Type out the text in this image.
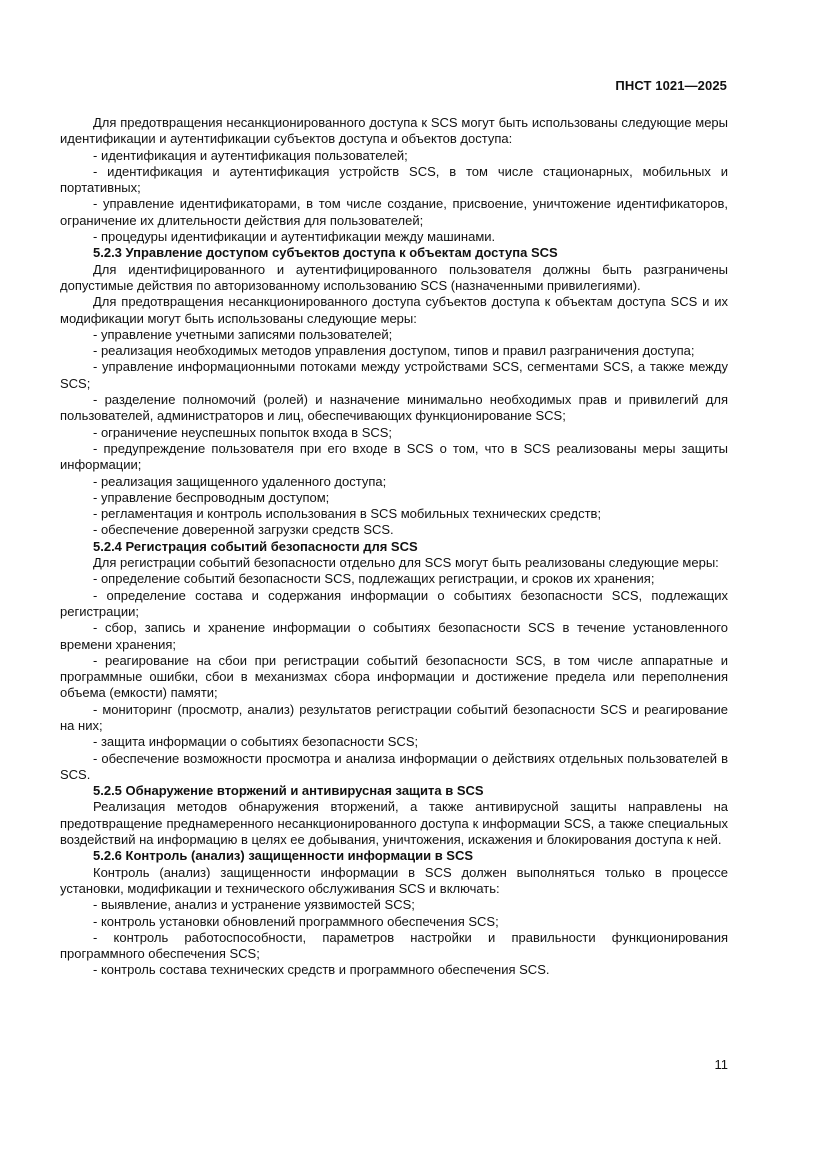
ПНСТ 1021—2025

Для предотвращения несанкционированного доступа к SCS могут быть использованы следующие меры идентификации и аутентификации субъектов доступа и объектов доступа:

- идентификация и аутентификация пользователей;

- идентификация и аутентификация устройств SCS, в том числе стационарных, мобильных и портативных;

- управление идентификаторами, в том числе создание, присвоение, уничтожение идентификаторов, ограничение их длительности действия для пользователей;

- процедуры идентификации и аутентификации между машинами.

5.2.3 Управление доступом субъектов доступа к объектам доступа SCS

Для идентифицированного и аутентифицированного пользователя должны быть разграничены допустимые действия по авторизованному использованию SCS (назначенными привилегиями).

Для предотвращения несанкционированного доступа субъектов доступа к объектам доступа SCS и их модификации могут быть использованы следующие меры:

- управление учетными записями пользователей;

- реализация необходимых методов управления доступом, типов и правил разграничения доступа;

- управление информационными потоками между устройствами SCS, сегментами SCS, а также между SCS;

- разделение полномочий (ролей) и назначение минимально необходимых прав и привилегий для пользователей, администраторов и лиц, обеспечивающих функционирование SCS;

- ограничение неуспешных попыток входа в SCS;

- предупреждение пользователя при его входе в SCS о том, что в SCS реализованы меры защиты информации;

- реализация защищенного удаленного доступа;

- управление беспроводным доступом;

- регламентация и контроль использования в SCS мобильных технических средств;

- обеспечение доверенной загрузки средств SCS.

5.2.4 Регистрация событий безопасности для SCS

Для регистрации событий безопасности отдельно для SCS могут быть реализованы следующие меры:

- определение событий безопасности SCS, подлежащих регистрации, и сроков их хранения;

- определение состава и содержания информации о событиях безопасности SCS, подлежащих регистрации;

- сбор, запись и хранение информации о событиях безопасности SCS в течение установленного времени хранения;

- реагирование на сбои при регистрации событий безопасности SCS, в том числе аппаратные и программные ошибки, сбои в механизмах сбора информации и достижение предела или переполнения объема (емкости) памяти;

- мониторинг (просмотр, анализ) результатов регистрации событий безопасности SCS и реагирование на них;

- защита информации о событиях безопасности SCS;

- обеспечение возможности просмотра и анализа информации о действиях отдельных пользователей в SCS.

5.2.5 Обнаружение вторжений и антивирусная защита в SCS

Реализация методов обнаружения вторжений, а также антивирусной защиты направлены на предотвращение преднамеренного несанкционированного доступа к информации SCS, а также специальных воздействий на информацию в целях ее добывания, уничтожения, искажения и блокирования доступа к ней.

5.2.6 Контроль (анализ) защищенности информации в SCS

Контроль (анализ) защищенности информации в SCS должен выполняться только в процессе установки, модификации и технического обслуживания SCS и включать:

- выявление, анализ и устранение уязвимостей SCS;

- контроль установки обновлений программного обеспечения SCS;

- контроль работоспособности, параметров настройки и правильности функционирования программного обеспечения SCS;

- контроль состава технических средств и программного обеспечения SCS.

11
